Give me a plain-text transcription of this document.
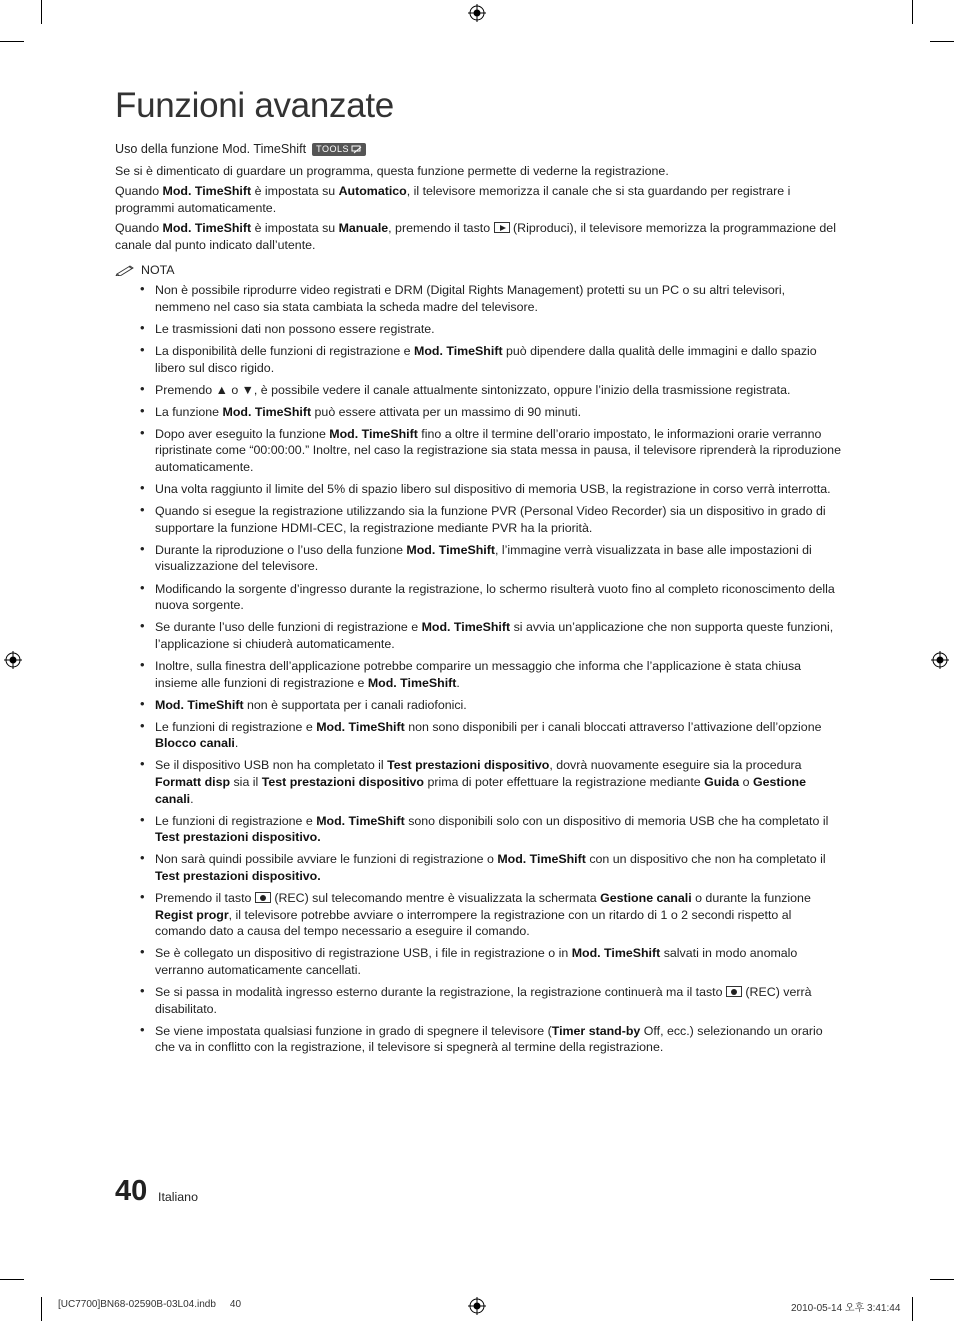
Funzioni avanzate
Uso della funzione Mod. TimeShift TOOLS

Se si è dimenticato di guardare un programma, questa funzione permette di vederne la registrazione.

Quando Mod. TimeShift è impostata su Automatico, il televisore memorizza il canale che si sta guardando per registrare i programmi automaticamente.

Quando Mod. TimeShift è impostata su Manuale, premendo il tasto  (Riproduci), il televisore memorizza la programmazione del canale dal punto indicato dall’utente.

NOTA
• Non è possibile riprodurre video registrati e DRM (Digital Rights Management) protetti su un PC o su altri televisori, nemmeno nel caso sia stata cambiata la scheda madre del televisore.
• Le trasmissioni dati non possono essere registrate.
• La disponibilità delle funzioni di registrazione e Mod. TimeShift può dipendere dalla qualità delle immagini e dallo spazio libero sul disco rigido.
• Premendo ▲ o ▼, è possibile vedere il canale attualmente sintonizzato, oppure l’inizio della trasmissione registrata.
• La funzione Mod. TimeShift può essere attivata per un massimo di 90 minuti.
• Dopo aver eseguito la funzione Mod. TimeShift fino a oltre il termine dell’orario impostato, le informazioni orarie verranno ripristinate come “00:00:00.” Inoltre, nel caso la registrazione sia stata messa in pausa, il televisore riprenderà la riproduzione automaticamente.
• Una volta raggiunto il limite del 5% di spazio libero sul dispositivo di memoria USB, la registrazione in corso verrà interrotta.
• Quando si esegue la registrazione utilizzando sia la funzione PVR (Personal Video Recorder) sia un dispositivo in grado di supportare la funzione HDMI-CEC, la registrazione mediante PVR ha la priorità.
• Durante la riproduzione o l’uso della funzione Mod. TimeShift, l’immagine verrà visualizzata in base alle impostazioni di visualizzazione del televisore.
• Modificando la sorgente d’ingresso durante la registrazione, lo schermo risulterà vuoto fino al completo riconoscimento della nuova sorgente.
• Se durante l’uso delle funzioni di registrazione e Mod. TimeShift si avvia un’applicazione che non supporta queste funzioni, l’applicazione si chiuderà automaticamente.
• Inoltre, sulla finestra dell’applicazione potrebbe comparire un messaggio che informa che l’applicazione è stata chiusa insieme alle funzioni di registrazione e Mod. TimeShift.
• Mod. TimeShift non è supportata per i canali radiofonici.
• Le funzioni di registrazione e Mod. TimeShift non sono disponibili per i canali bloccati attraverso l’attivazione dell’opzione Blocco canali.
• Se il dispositivo USB non ha completato il Test prestazioni dispositivo, dovrà nuovamente eseguire sia la procedura Formatt disp sia il Test prestazioni dispositivo prima di poter effettuare la registrazione mediante Guida o Gestione canali.
• Le funzioni di registrazione e Mod. TimeShift sono disponibili solo con un dispositivo di memoria USB che ha completato il Test prestazioni dispositivo.
• Non sarà quindi possibile avviare le funzioni di registrazione o Mod. TimeShift con un dispositivo che non ha completato il Test prestazioni dispositivo.
• Premendo il tasto  (REC) sul telecomando mentre è visualizzata la schermata Gestione canali o durante la funzione Regist progr, il televisore potrebbe avviare o interrompere la registrazione con un ritardo di 1 o 2 secondi rispetto al comando dato a causa del tempo necessario a eseguire il comando.
• Se è collegato un dispositivo di registrazione USB, i file in registrazione o in Mod. TimeShift salvati in modo anomalo verranno automaticamente cancellati.
• Se si passa in modalità ingresso esterno durante la registrazione, la registrazione continuerà ma il tasto  (REC) verrà disabilitato.
• Se viene impostata qualsiasi funzione in grado di spegnere il televisore (Timer stand-by Off, ecc.) selezionando un orario che va in conflitto con la registrazione, il televisore si spegnerà al termine della registrazione.
40 Italiano
[UC7700]BN68-02590B-03L04.indb 40	2010-05-14 오후 3:41:44
